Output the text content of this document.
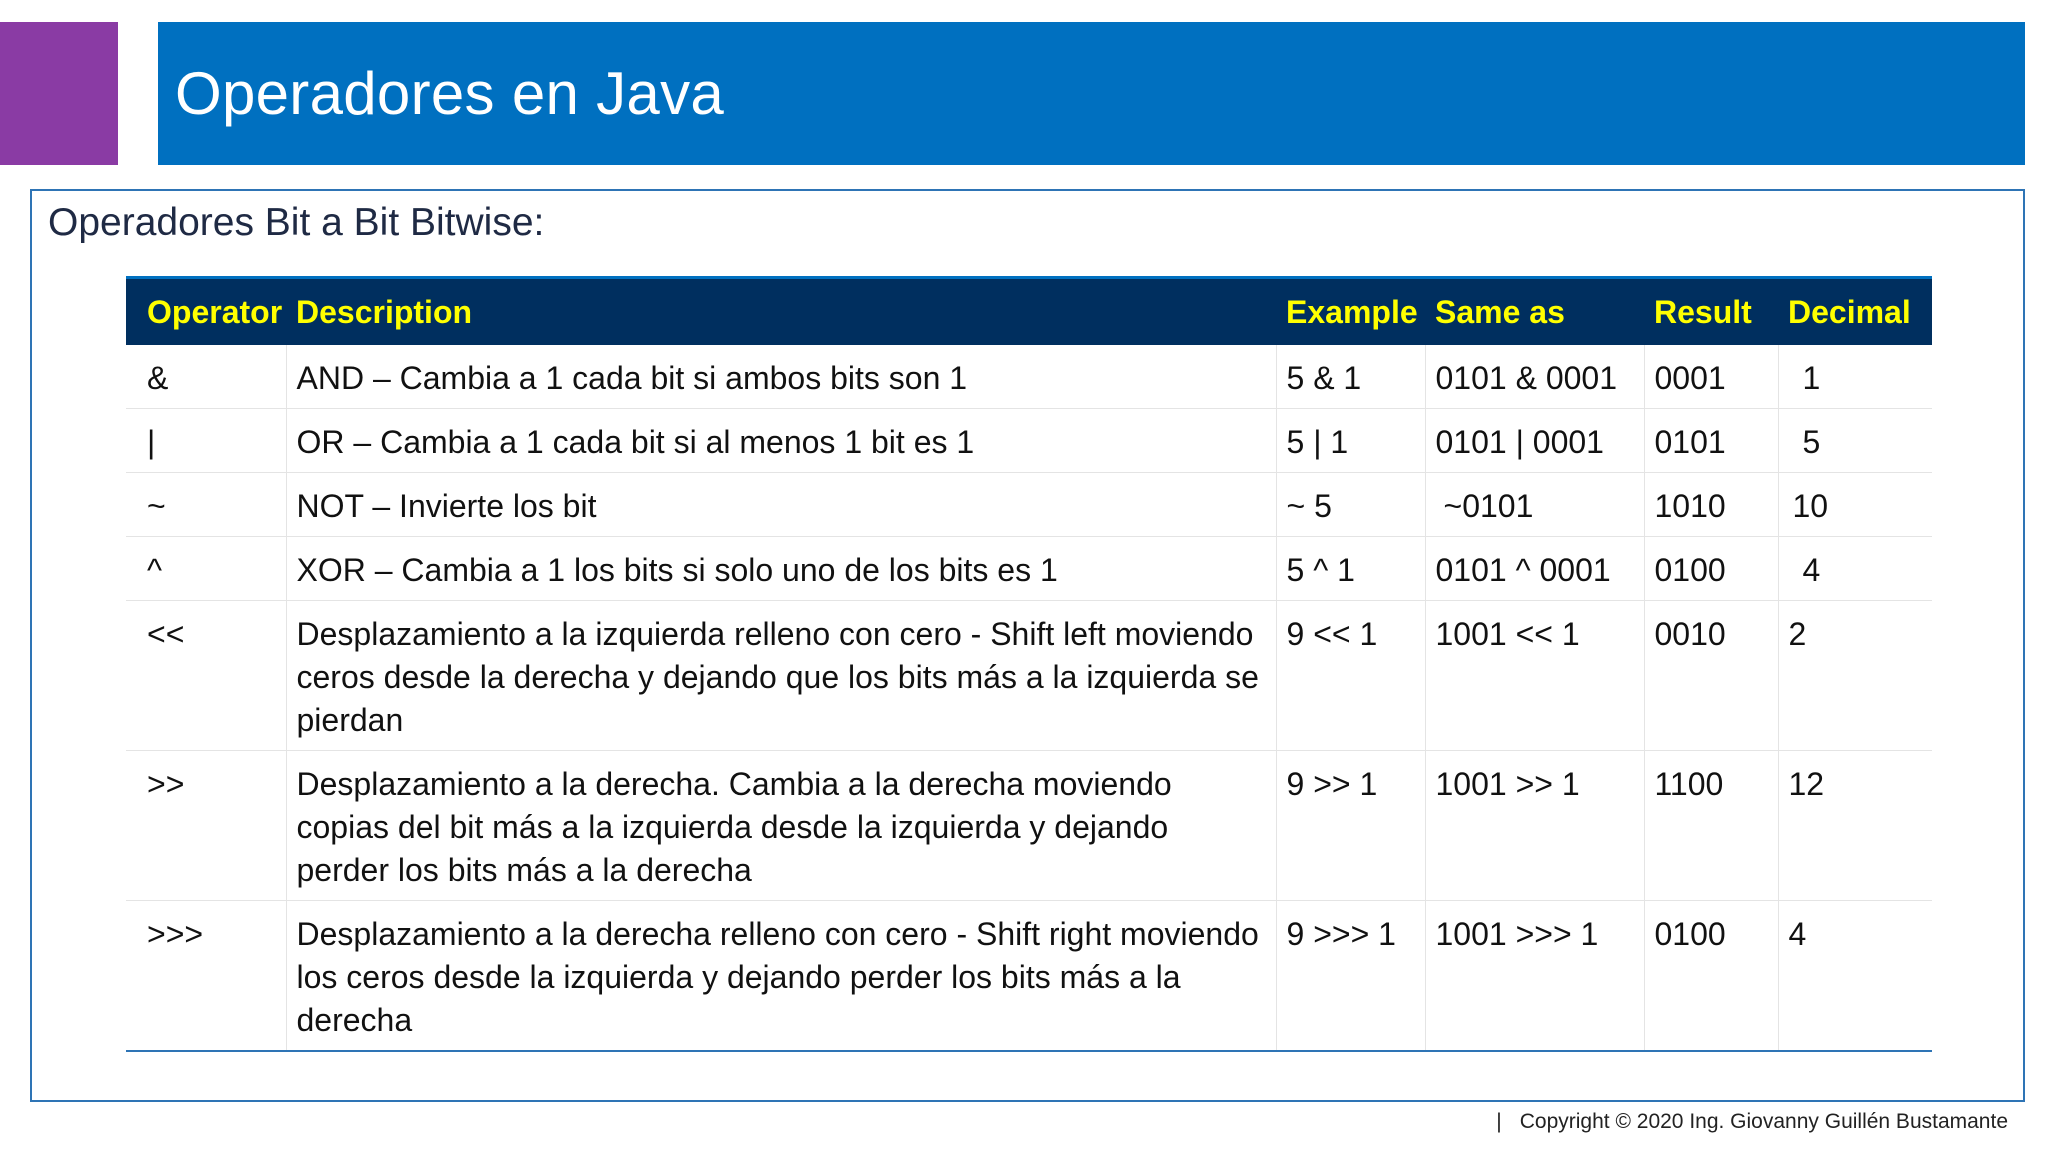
Operadores en Java
Operadores Bit a Bit Bitwise:
Operator	Description	Example	Same as	Result	Decimal
&	AND – Cambia a 1 cada bit si ambos bits son 1	5 & 1	0101 & 0001	0001	1
|	OR – Cambia a 1 cada bit si al menos 1 bit es 1	5 | 1	0101 | 0001	0101	5
~	NOT – Invierte los bit	~ 5	~0101	1010	10
^	XOR – Cambia a 1 los bits si solo uno de los bits es 1	5 ^ 1	0101 ^ 0001	0100	4
<<	Desplazamiento a la izquierda relleno con cero - Shift left moviendo ceros desde la derecha y dejando que los bits más a la izquierda se pierdan	9 << 1	1001 << 1	0010	2
>>	Desplazamiento a la derecha. Cambia a la derecha moviendo copias del bit más a la izquierda desde la izquierda y dejando perder los bits más a la derecha	9 >> 1	1001 >> 1	1100	12
>>>	Desplazamiento a la derecha relleno con cero - Shift right moviendo los ceros desde la izquierda y dejando perder los bits más a la derecha	9 >>> 1	1001 >>> 1	0100	4
| Copyright © 2020 Ing. Giovanny Guillén Bustamante
